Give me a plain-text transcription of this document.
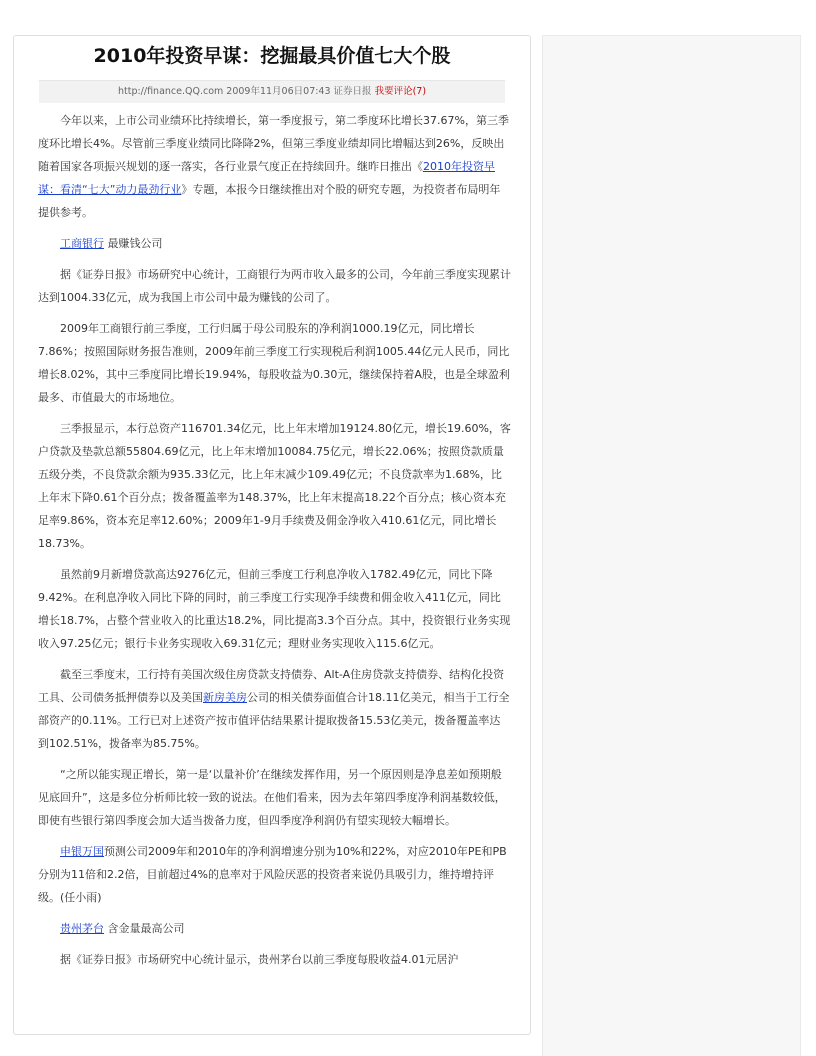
2010年投资早谋：挖掘最具价值七大个股
http://finance.QQ.com 2009年11月06日07:43 证券日报 我要评论(7)

今年以来，上市公司业绩环比持续增长，第一季度报亏，第二季度环比增长37.67%，第三季度环比增长4%。尽管前三季度业绩同比降降2%，但第三季度业绩却同比增幅达到26%，反映出随着国家各项振兴规划的逐一落实，各行业景气度正在持续回升。继昨日推出《2010年投资早谋：看清“七大”动力最劲行业》专题，本报今日继续推出对个股的研究专题，为投资者布局明年提供参考。

工商银行 最赚钱公司

据《证券日报》市场研究中心统计，工商银行为两市收入最多的公司，今年前三季度实现累计达到1004.33亿元，成为我国上市公司中最为赚钱的公司了。

2009年工商银行前三季度，工行归属于母公司股东的净利润1000.19亿元，同比增长7.86%；按照国际财务报告准则，2009年前三季度工行实现税后利润1005.44亿元人民币，同比增长8.02%，其中三季度同比增长19.94%，每股收益为0.30元，继续保持着A股，也是全球盈利最多、市值最大的市场地位。

三季报显示，本行总资产116701.34亿元，比上年末增加19124.80亿元，增长19.60%，客户贷款及垫款总额55804.69亿元，比上年末增加10084.75亿元，增长22.06%；按照贷款质量五级分类，不良贷款余额为935.33亿元，比上年末减少109.49亿元；不良贷款率为1.68%，比上年末下降0.61个百分点；拨备覆盖率为148.37%，比上年末提高18.22个百分点；核心资本充足率9.86%，资本充足率12.60%；2009年1-9月手续费及佣金净收入410.61亿元，同比增长18.73%。

虽然前9月新增贷款高达9276亿元，但前三季度工行利息净收入1782.49亿元，同比下降9.42%。在利息净收入同比下降的同时，前三季度工行实现净手续费和佣金收入411亿元，同比增长18.7%，占整个营业收入的比重达18.2%，同比提高3.3个百分点。其中，投资银行业务实现收入97.25亿元；银行卡业务实现收入69.31亿元；理财业务实现收入115.6亿元。

截至三季度末，工行持有美国次级住房贷款支持债券、Alt-A住房贷款支持债券、结构化投资工具、公司债务抵押债券以及美国新房美房公司的相关债券面值合计18.11亿美元，相当于工行全部资产的0.11%。工行已对上述资产按市值评估结果累计提取拨备15.53亿美元，拨备覆盖率达到102.51%，拨备率为85.75%。

“之所以能实现正增长，第一是‘以量补价’在继续发挥作用，另一个原因则是净息差如预期般见底回升”，这是多位分析师比较一致的说法。在他们看来，因为去年第四季度净利润基数较低，即使有些银行第四季度会加大适当拨备力度，但四季度净利润仍有望实现较大幅增长。

申银万国预测公司2009年和2010年的净利润增速分别为10%和22%，对应2010年PE和PB分别为11倍和2.2倍，目前超过4%的息率对于风险厌恶的投资者来说仍具吸引力，维持增持评级。(任小雨)

贵州茅台 含金量最高公司

据《证券日报》市场研究中心统计显示，贵州茅台以前三季度每股收益4.01元居沪
